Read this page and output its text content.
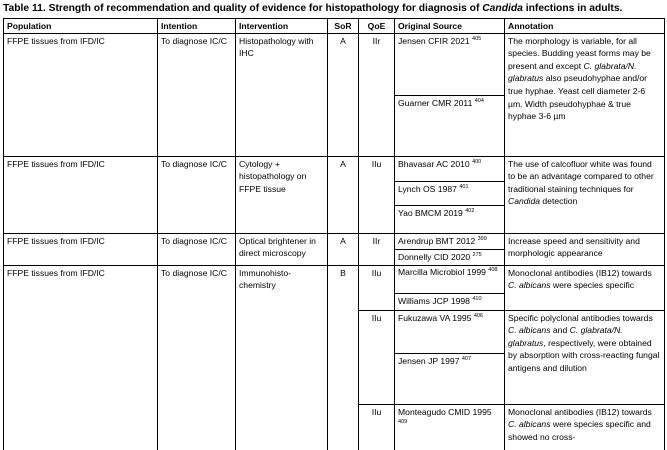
Table 11. Strength of recommendation and quality of evidence for histopathology for diagnosis of Candida infections in adults.
Population	Intention	Intervention	SoR	QoE	Original Source	Annotation
FFPE tissues from IFD/IC	To diagnose IC/C	Histopathology with IHC	A	IIr	Jensen CFIR 2021 $^{405}$
Guarner CMR 2011 $^{404}$	The morphology is variable, for all species. Budding yeast forms may be present and except C. glabrata/N. glabratus also pseudohyphae and/or true hyphae. Yeast cell diameter 2-6 µm. Width pseudohyphae & true hyphae 3-6 µm
FFPE tissues from IFD/IC	To diagnose IC/C	Cytology + histopathology on FFPE tissue	A	IIu	Bhavasar AC 2010 $^{400}$
Lynch OS 1987 $^{401}$
Yao BMCM 2019 $^{402}$	The use of calcofluor white was found to be an advantage compared to other traditional staining techniques for Candida detection
FFPE tissues from IFD/IC	To diagnose IC/C	Optical brightener in direct microscopy	A	IIr	Arendrup BMT 2012 $^{399}$
Donnelly CID 2020 $^{275}$	Increase speed and sensitivity and morphologic appearance
FFPE tissues from IFD/IC	To diagnose IC/C	Immunohisto-chemistry	B	IIu	Marcilla Microbiol 1999 $^{408}$
Williams JCP 1998 $^{410}$	Monoclonal antibodies (IB12) towards C. albicans were species specific
				IIu	Fukuzawa VA 1995 $^{406}$
Jensen JP 1997 $^{407}$	Specific polyclonal antibodies towards C. albicans and C. glabrata/N. glabratus, respectively, were obtained by absorption with cross-reacting fungal antigens and dilution
				IIu	Monteagudo CMID 1995 $^{409}$	Monoclonal antibodies (IB12) towards C. albicans were species specific and showed no cross-
